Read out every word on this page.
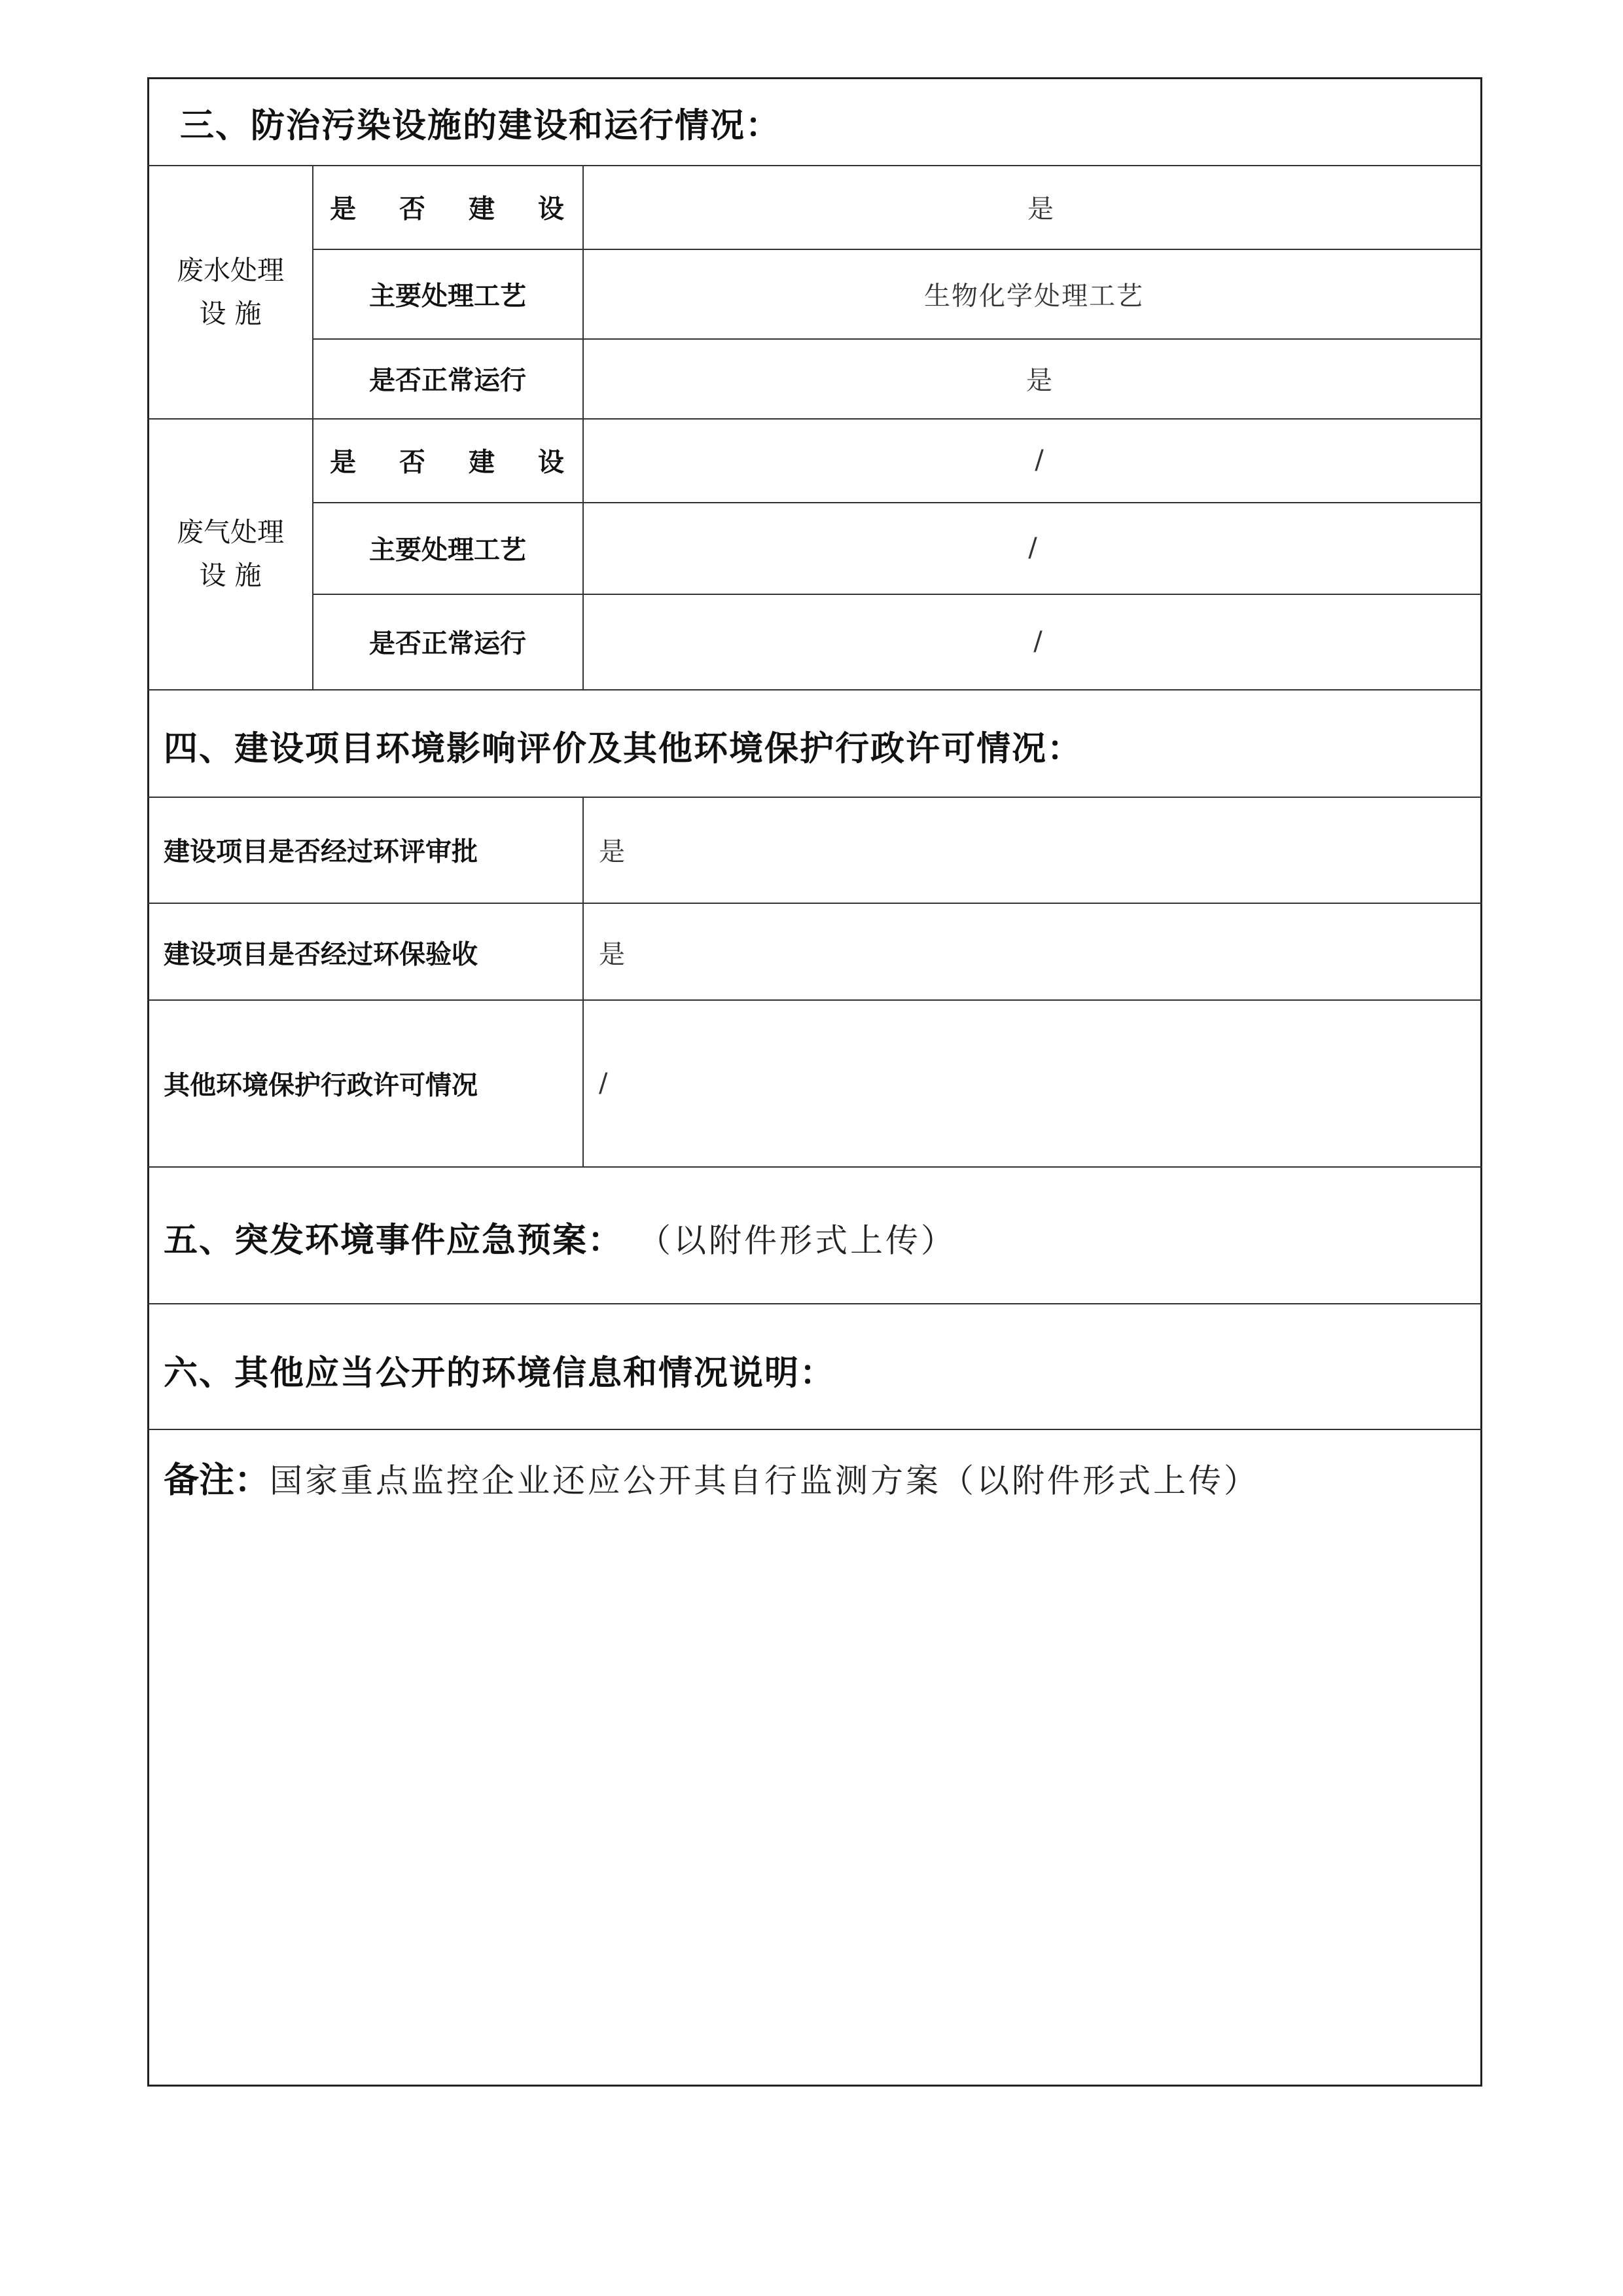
三、防治污染设施的建设和运行情况：
废水处理
设 施
是 否 建 设	是
主要处理工艺	生物化学处理工艺
是否正常运行	是
废气处理
设 施
是 否 建 设	/
主要处理工艺	/
是否正常运行	/
四、建设项目环境影响评价及其他环境保护行政许可情况：
建设项目是否经过环评审批	是
建设项目是否经过环保验收	是
其他环境保护行政许可情况	/
五、突发环境事件应急预案： （以附件形式上传）
六、其他应当公开的环境信息和情况说明：
备注：国家重点监控企业还应公开其自行监测方案（以附件形式上传）
